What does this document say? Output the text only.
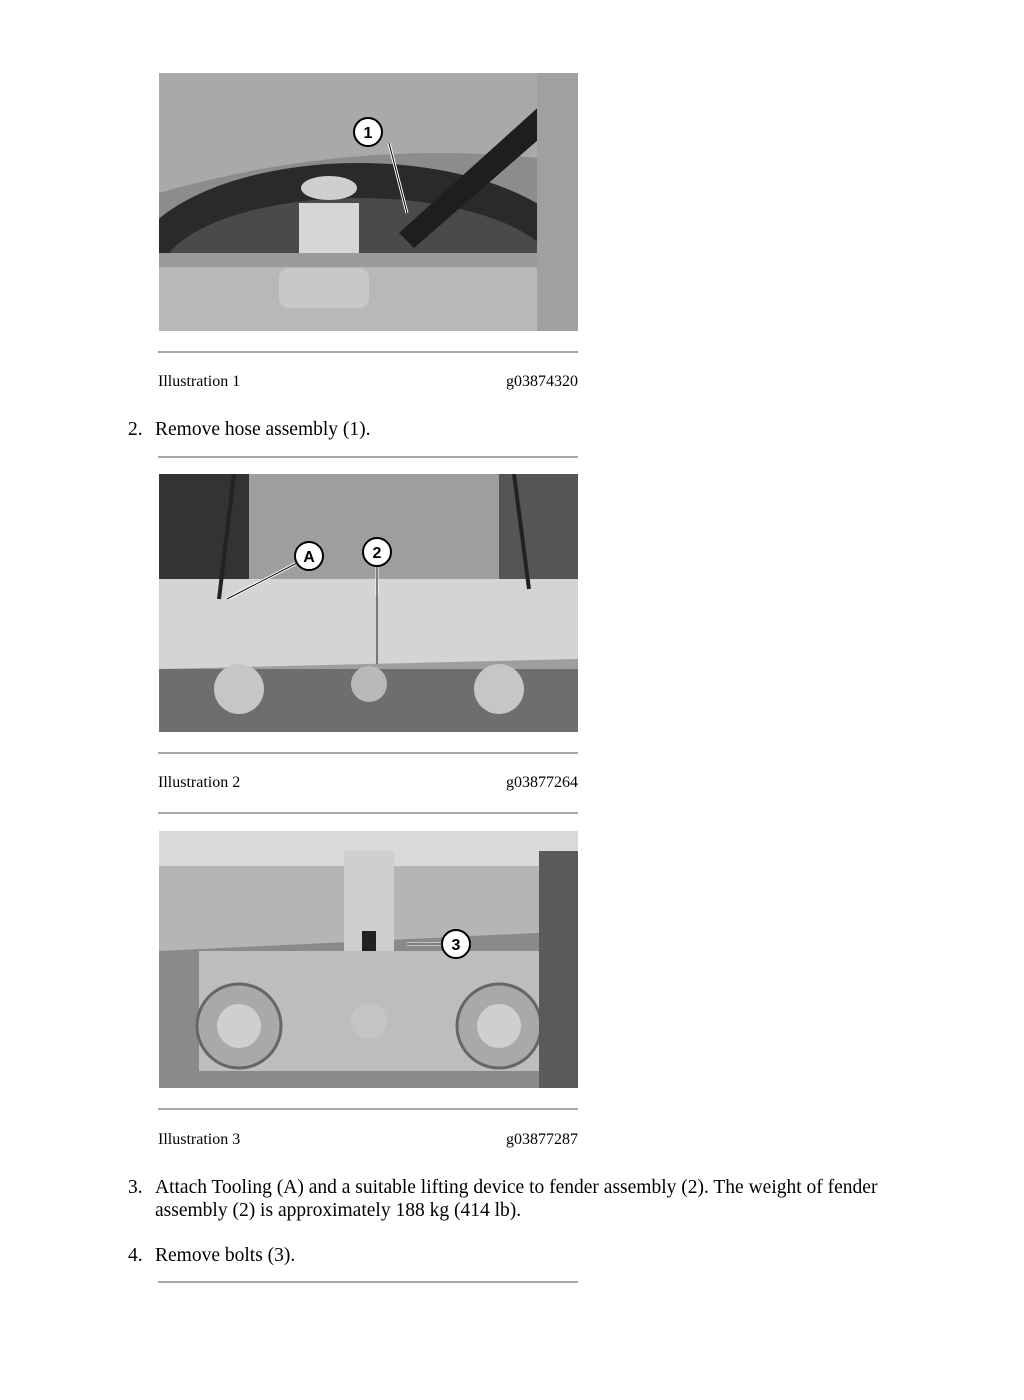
1
Illustration 1	g03874320
2. Remove hose assembly (1).
A	2
Illustration 2	g03877264
3
Illustration 3	g03877287
3. Attach Tooling (A) and a suitable lifting device to fender assembly (2). The weight of fender assembly (2) is approximately 188 kg (414 lb).
4. Remove bolts (3).
